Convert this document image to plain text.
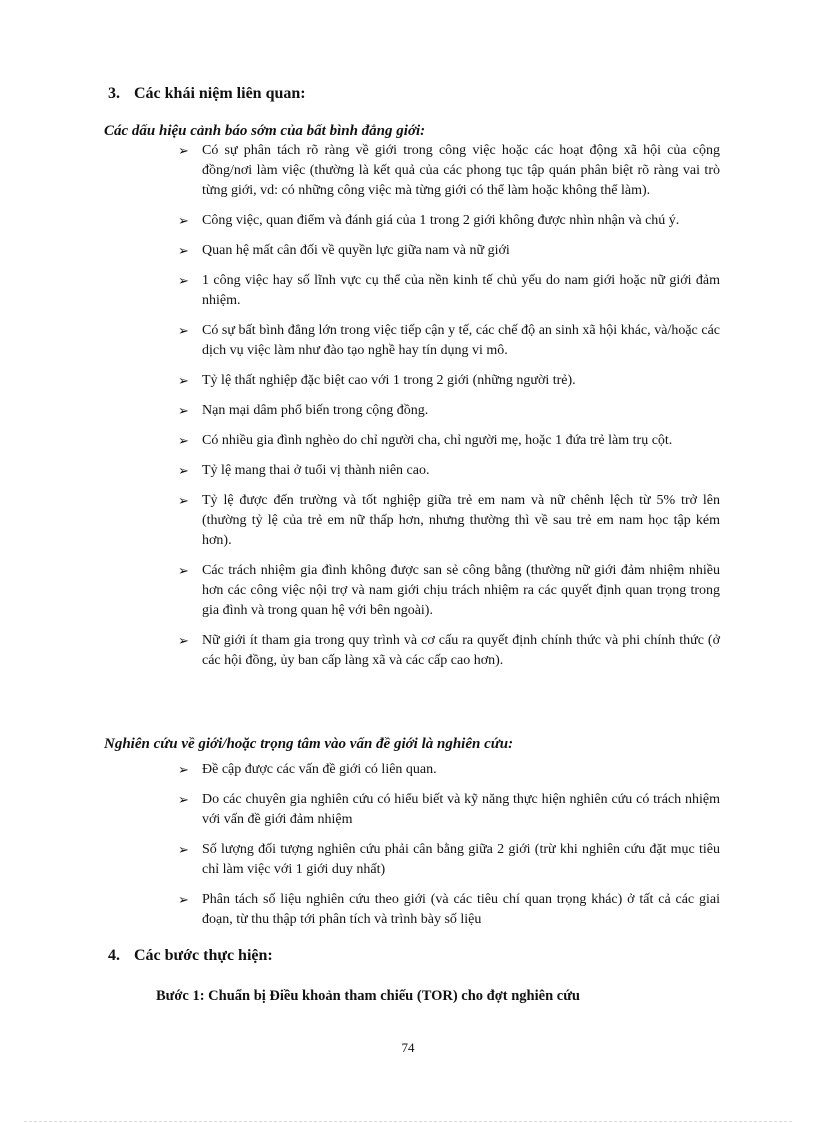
3. Các khái niệm liên quan:
Các dấu hiệu cảnh báo sớm của bất bình đẳng giới:
➢ Có sự phân tách rõ ràng về giới trong công việc hoặc các hoạt động xã hội của cộng đồng/nơi làm việc (thường là kết quả của các phong tục tập quán phân biệt rõ ràng vai trò từng giới, vd: có những công việc mà từng giới có thể làm hoặc không thể làm).
➢ Công việc, quan điểm và đánh giá của 1 trong 2 giới không được nhìn nhận và chú ý.
➢ Quan hệ mất cân đối về quyền lực giữa nam và nữ giới
➢ 1 công việc hay số lĩnh vực cụ thể của nền kinh tế chủ yếu do nam giới hoặc nữ giới đảm nhiệm.
➢ Có sự bất bình đẳng lớn trong việc tiếp cận y tế, các chế độ an sinh xã hội khác, và/hoặc các dịch vụ việc làm như đào tạo nghề hay tín dụng vi mô.
➢ Tỷ lệ thất nghiệp đặc biệt cao với 1 trong 2 giới (những người trẻ).
➢ Nạn mại dâm phổ biến trong cộng đồng.
➢ Có nhiều gia đình nghèo do chỉ người cha, chỉ người mẹ, hoặc 1 đứa trẻ làm trụ cột.
➢ Tỷ lệ mang thai ở tuổi vị thành niên cao.
➢ Tỷ lệ được đến trường và tốt nghiệp giữa trẻ em nam và nữ chênh lệch từ 5% trở lên (thường tỷ lệ của trẻ em nữ thấp hơn, nhưng thường thì về sau trẻ em nam học tập kém hơn).
➢ Các trách nhiệm gia đình không được san sẻ công bằng (thường nữ giới đảm nhiệm nhiều hơn các công việc nội trợ và nam giới chịu trách nhiệm ra các quyết định quan trọng trong gia đình và trong quan hệ với bên ngoài).
➢ Nữ giới ít tham gia trong quy trình và cơ cấu ra quyết định chính thức và phi chính thức (ở các hội đồng, ủy ban cấp làng xã và các cấp cao hơn).
Nghiên cứu về giới/hoặc trọng tâm vào vấn đề giới là nghiên cứu:
➢ Đề cập được các vấn đề giới có liên quan.
➢ Do các chuyên gia nghiên cứu có hiểu biết và kỹ năng thực hiện nghiên cứu có trách nhiệm với vấn đề giới đảm nhiệm
➢ Số lượng đối tượng nghiên cứu phải cân bằng giữa 2 giới (trừ khi nghiên cứu đặt mục tiêu chỉ làm việc với 1 giới duy nhất)
➢ Phân tách số liệu nghiên cứu theo giới (và các tiêu chí quan trọng khác) ở tất cả các giai đoạn, từ thu thập tới phân tích và trình bày số liệu
4. Các bước thực hiện:
Bước 1: Chuẩn bị Điều khoản tham chiếu (TOR) cho đợt nghiên cứu
74
